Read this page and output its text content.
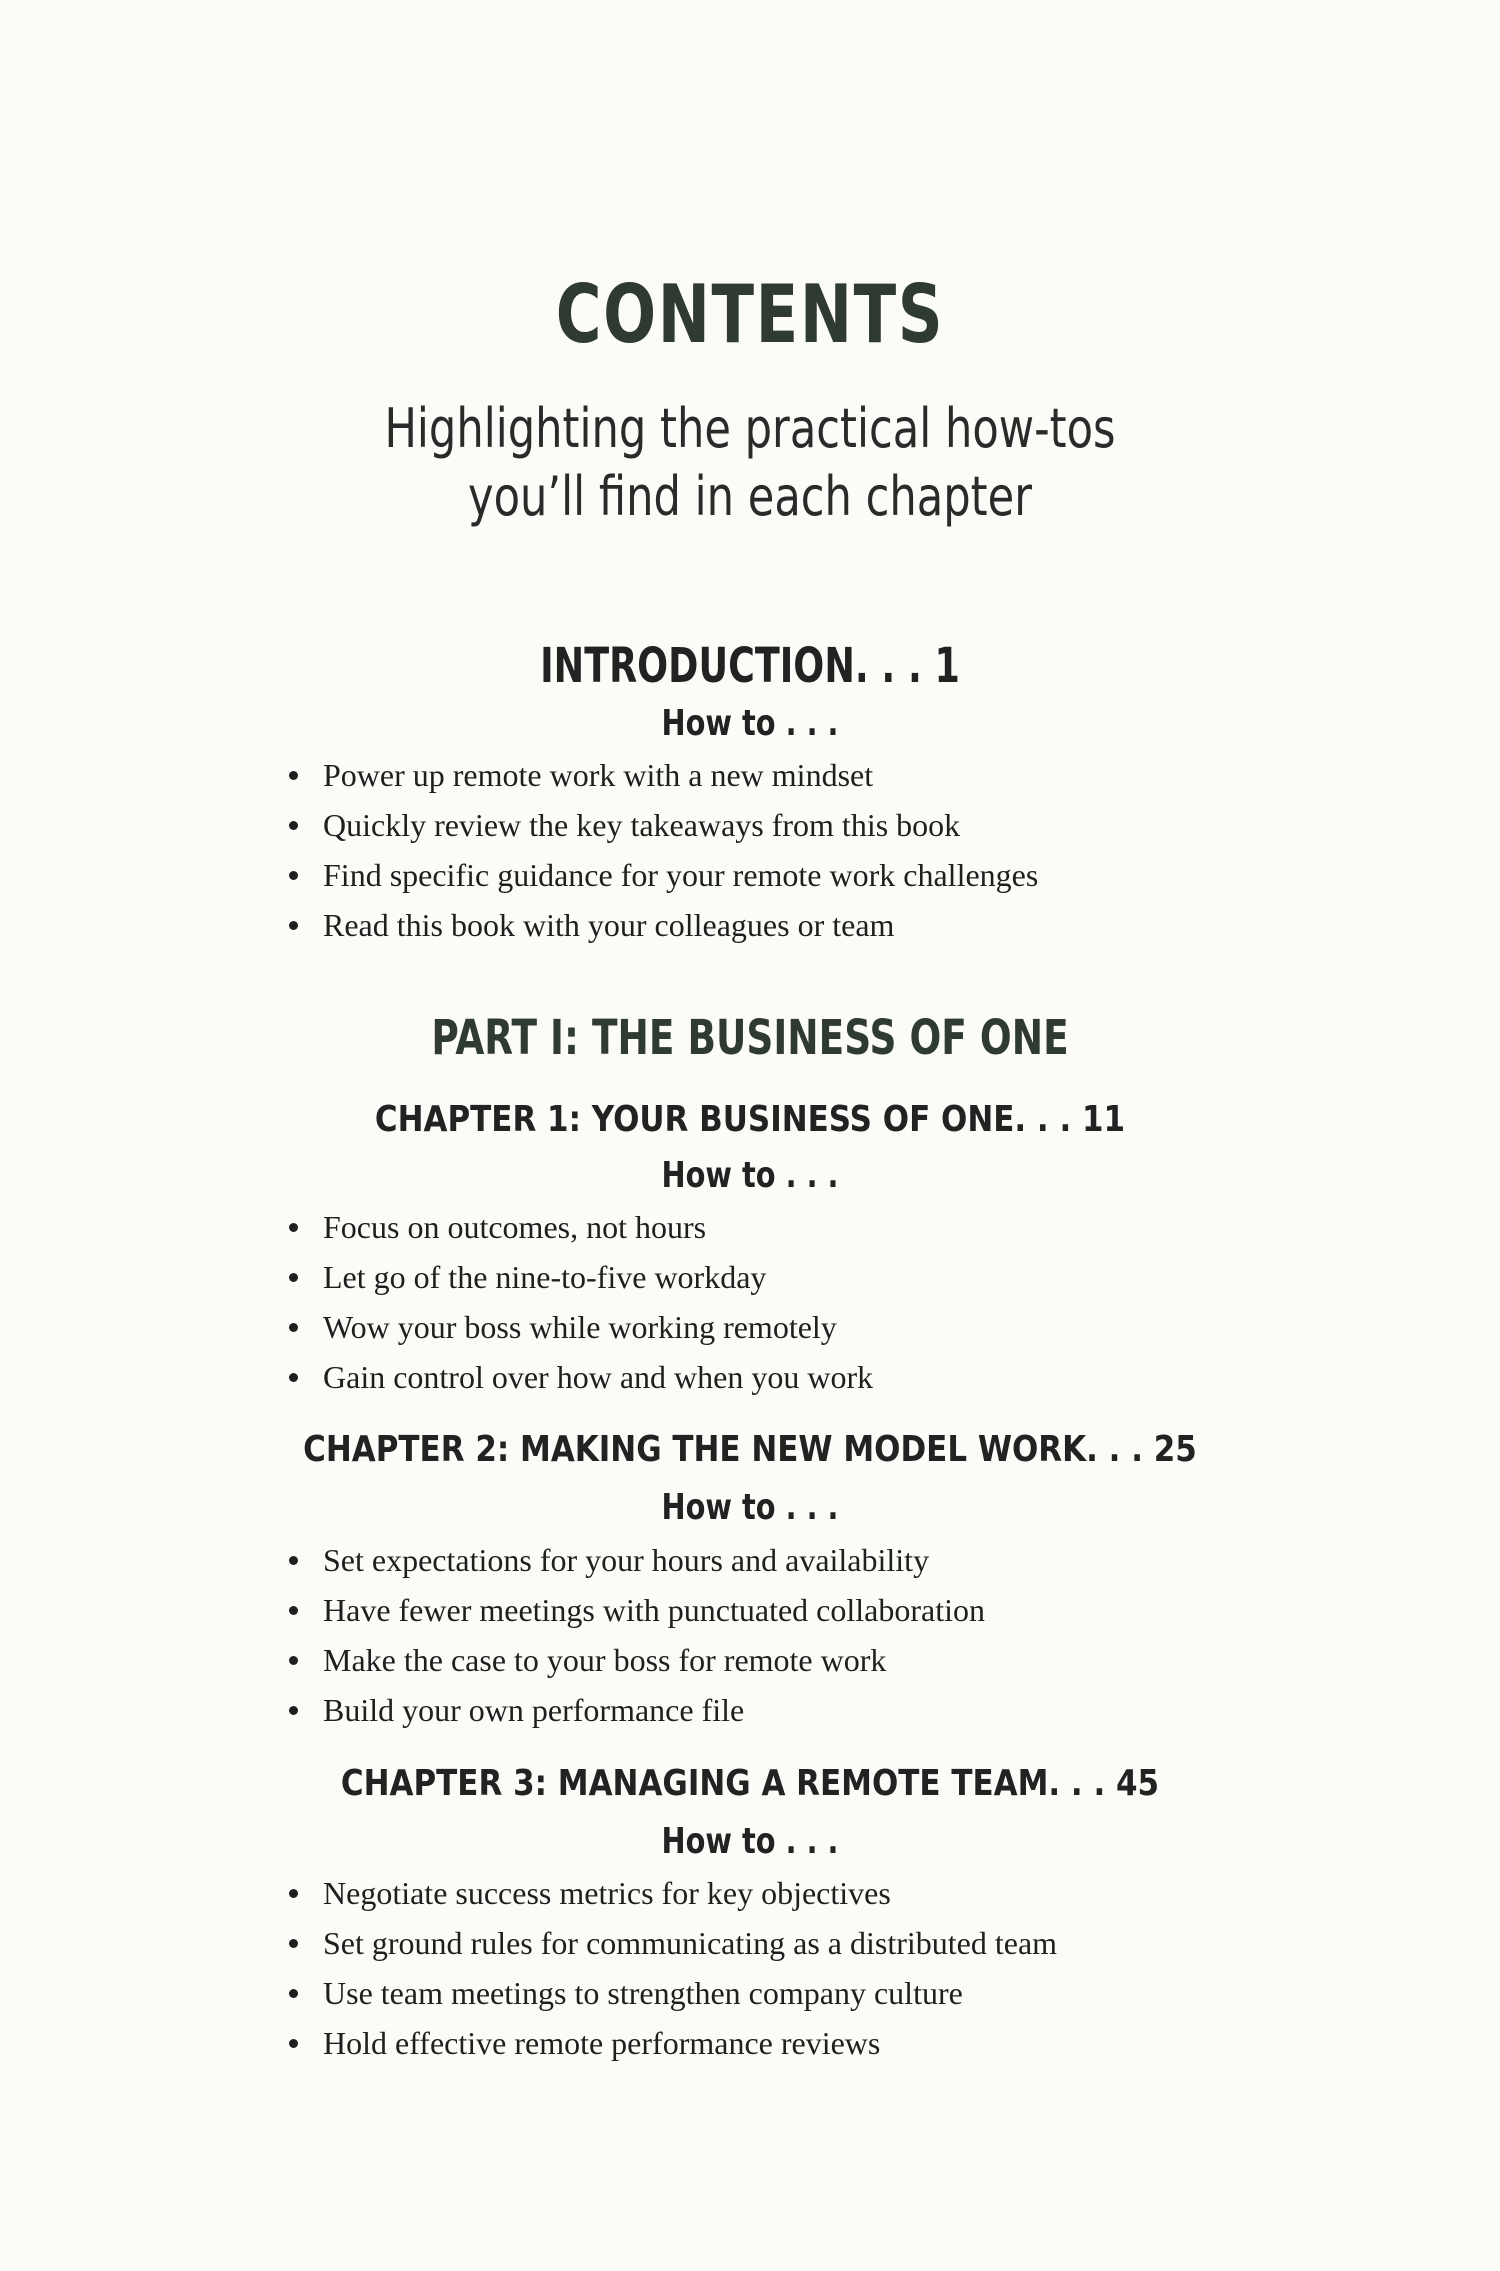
CONTENTS

Highlighting the practical how-tos

you’ll find in each chapter

INTRODUCTION. . . 1
How to . . .
Power up remote work with a new mindset
Quickly review the key takeaways from this book
Find specific guidance for your remote work challenges
Read this book with your colleagues or team
PART I: THE BUSINESS OF ONE
CHAPTER 1: YOUR BUSINESS OF ONE. . . 11
How to . . .
Focus on outcomes, not hours
Let go of the nine-to-five workday
Wow your boss while working remotely
Gain control over how and when you work
CHAPTER 2: MAKING THE NEW MODEL WORK. . . 25
How to . . .
Set expectations for your hours and availability
Have fewer meetings with punctuated collaboration
Make the case to your boss for remote work
Build your own performance file
CHAPTER 3: MANAGING A REMOTE TEAM. . . 45
How to . . .
Negotiate success metrics for key objectives
Set ground rules for communicating as a distributed team
Use team meetings to strengthen company culture
Hold effective remote performance reviews
